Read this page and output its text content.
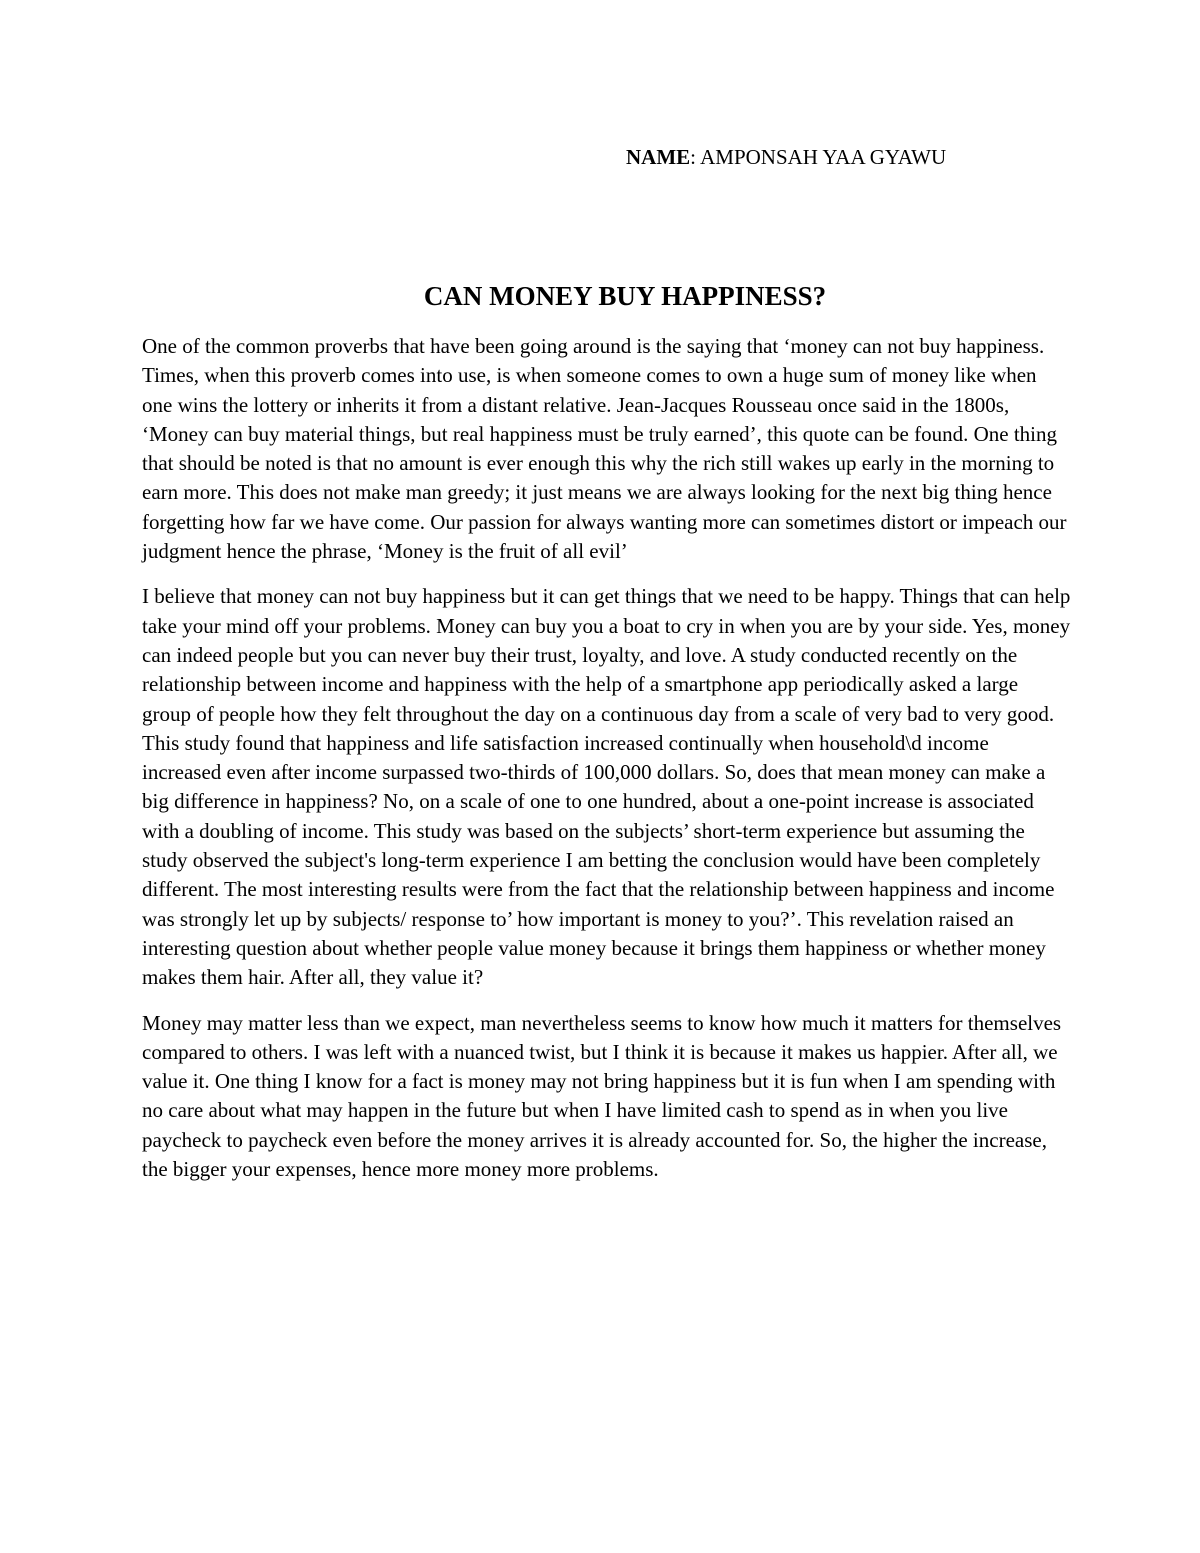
NAME: AMPONSAH YAA GYAWU
CAN MONEY BUY HAPPINESS?

One of the common proverbs that have been going around is the saying that ‘money can not buy happiness. Times, when this proverb comes into use, is when someone comes to own a huge sum of money like when one wins the lottery or inherits it from a distant relative. Jean-Jacques Rousseau once said in the 1800s, ‘Money can buy material things, but real happiness must be truly earned’, this quote can be found. One thing that should be noted is that no amount is ever enough this why the rich still wakes up early in the morning to earn more. This does not make man greedy; it just means we are always looking for the next big thing hence forgetting how far we have come. Our passion for always wanting more can sometimes distort or impeach our judgment hence the phrase, ‘Money is the fruit of all evil’

I believe that money can not buy happiness but it can get things that we need to be happy. Things that can help take your mind off your problems. Money can buy you a boat to cry in when you are by your side. Yes, money can indeed people but you can never buy their trust, loyalty, and love. A study conducted recently on the relationship between income and happiness with the help of a smartphone app periodically asked a large group of people how they felt throughout the day on a continuous day from a scale of very bad to very good. This study found that happiness and life satisfaction increased continually when household\d income increased even after income surpassed two-thirds of 100,000 dollars. So, does that mean money can make a big difference in happiness? No, on a scale of one to one hundred, about a one-point increase is associated with a doubling of income. This study was based on the subjects’ short-term experience but assuming the study observed the subject's long-term experience I am betting the conclusion would have been completely different. The most interesting results were from the fact that the relationship between happiness and income was strongly let up by subjects/ response to’ how important is money to you?’. This revelation raised an interesting question about whether people value money because it brings them happiness or whether money makes them hair. After all, they value it?

Money may matter less than we expect, man nevertheless seems to know how much it matters for themselves compared to others. I was left with a nuanced twist, but I think it is because it makes us happier. After all, we value it. One thing I know for a fact is money may not bring happiness but it is fun when I am spending with no care about what may happen in the future but when I have limited cash to spend as in when you live paycheck to paycheck even before the money arrives it is already accounted for. So, the higher the increase, the bigger your expenses, hence more money more problems.
